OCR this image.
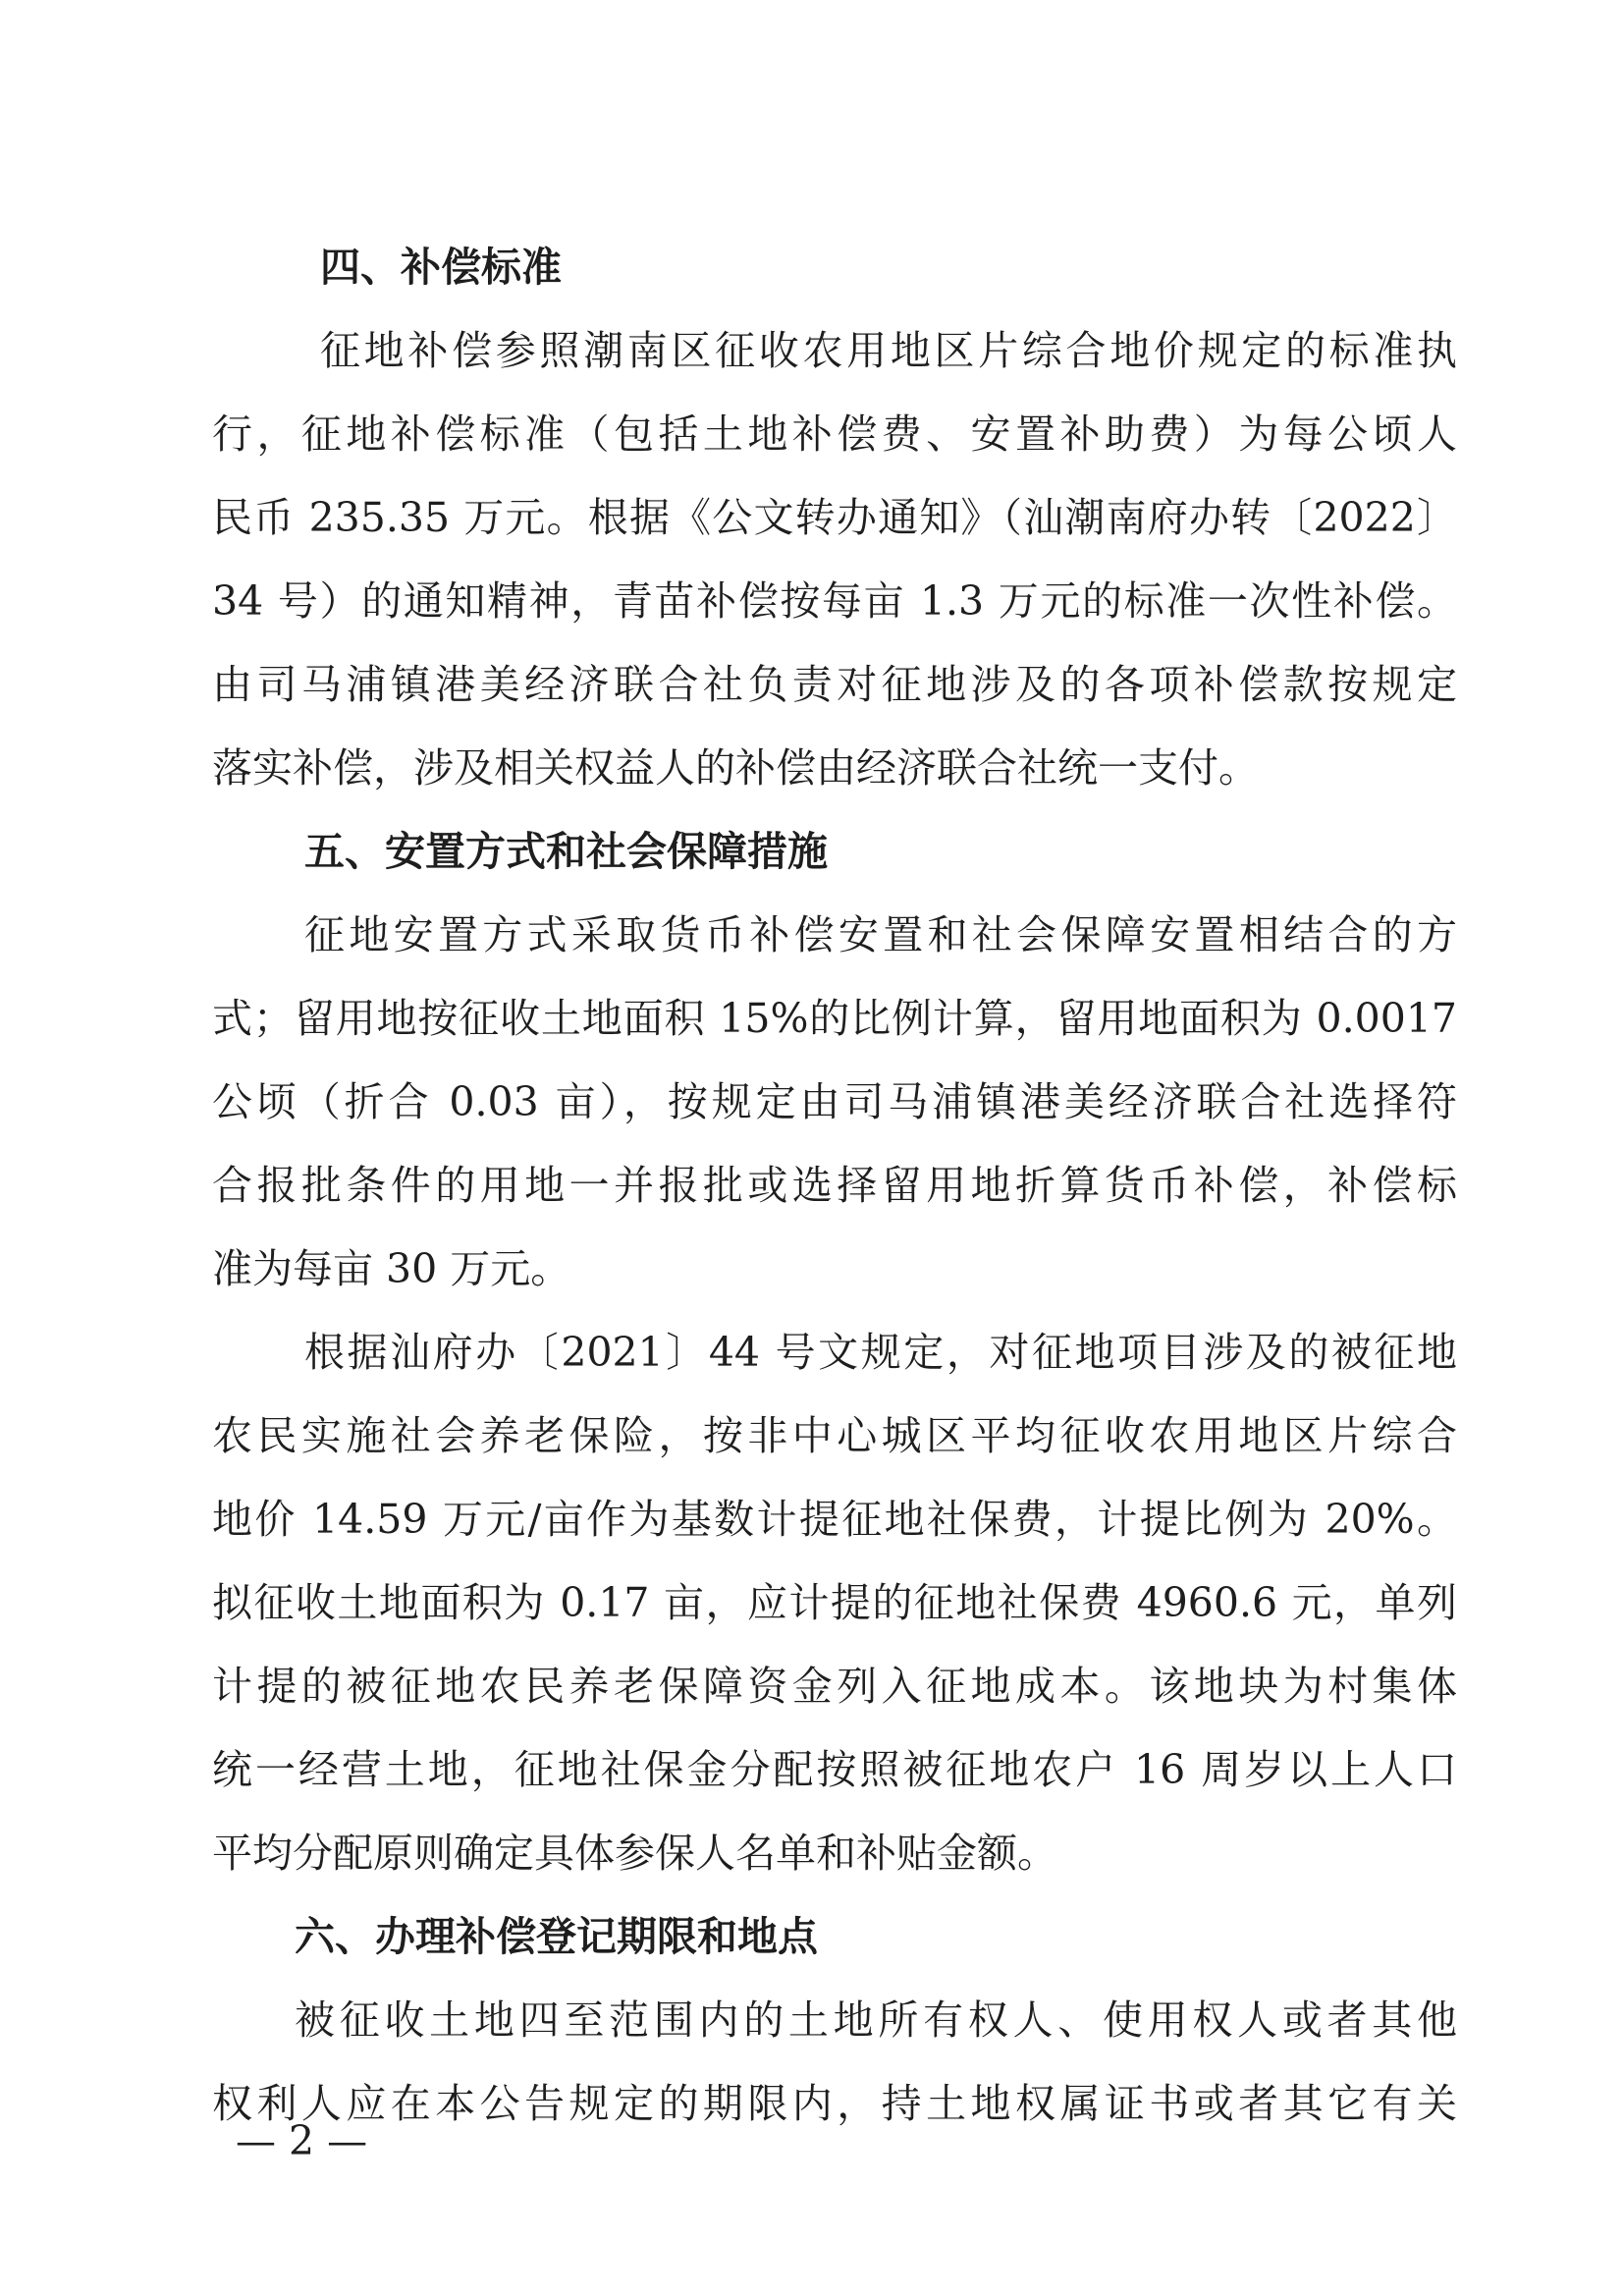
四、补偿标准
征地补偿参照潮南区征收农用地区片综合地价规定的标准执
行，征地补偿标准（包括土地补偿费、安置补助费）为每公顷人
民币 235.35 万元。根据《公文转办通知》（汕潮南府办转〔2022〕
34 号）的通知精神，青苗补偿按每亩 1.3 万元的标准一次性补偿。
由司马浦镇港美经济联合社负责对征地涉及的各项补偿款按规定
落实补偿，涉及相关权益人的补偿由经济联合社统一支付。
五、安置方式和社会保障措施
征地安置方式采取货币补偿安置和社会保障安置相结合的方
式；留用地按征收土地面积 15%的比例计算，留用地面积为 0.0017
公顷（折合 0.03 亩），按规定由司马浦镇港美经济联合社选择符
合报批条件的用地一并报批或选择留用地折算货币补偿，补偿标
准为每亩 30 万元。
根据汕府办〔2021〕44 号文规定，对征地项目涉及的被征地
农民实施社会养老保险，按非中心城区平均征收农用地区片综合
地价 14.59 万元/亩作为基数计提征地社保费，计提比例为 20%。
拟征收土地面积为 0.17 亩，应计提的征地社保费 4960.6 元，单列
计提的被征地农民养老保障资金列入征地成本。该地块为村集体
统一经营土地，征地社保金分配按照被征地农户 16 周岁以上人口
平均分配原则确定具体参保人名单和补贴金额。
六、办理补偿登记期限和地点
被征收土地四至范围内的土地所有权人、使用权人或者其他
权利人应在本公告规定的期限内，持土地权属证书或者其它有关
— 2 —
